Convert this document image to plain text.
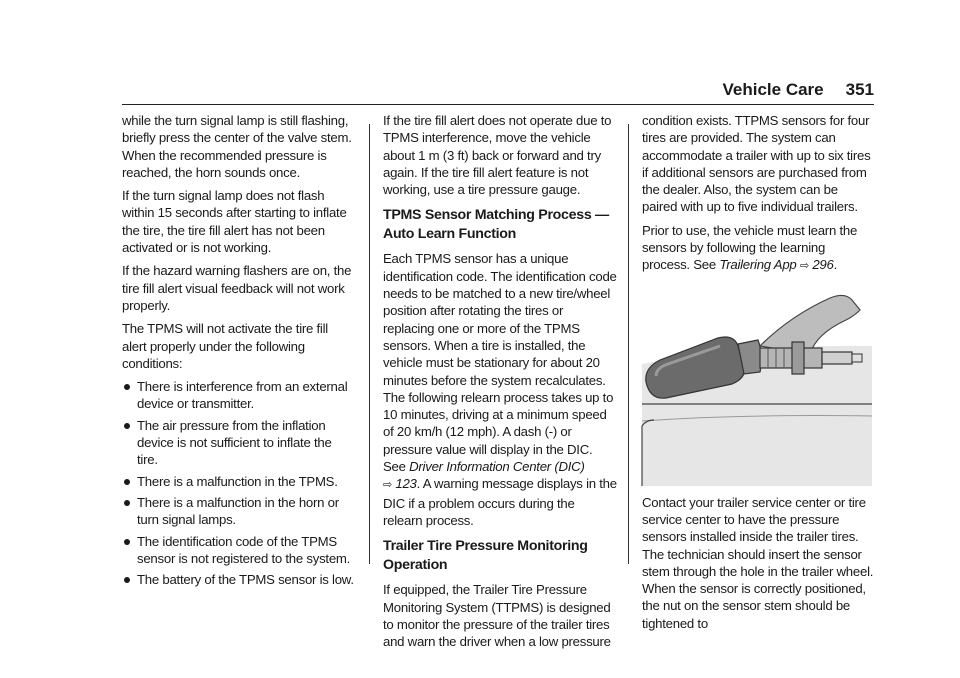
Vehicle Care 351

while the turn signal lamp is still flashing, briefly press the center of the valve stem. When the recommended pressure is reached, the horn sounds once.

If the turn signal lamp does not flash within 15 seconds after starting to inflate the tire, the tire fill alert has not been activated or is not working.

If the hazard warning flashers are on, the tire fill alert visual feedback will not work properly.

The TPMS will not activate the tire fill alert properly under the following conditions:

There is interference from an external device or transmitter.
The air pressure from the inflation device is not sufficient to inflate the tire.
There is a malfunction in the TPMS.
There is a malfunction in the horn or turn signal lamps.
The identification code of the TPMS sensor is not registered to the system.
The battery of the TPMS sensor is low.

If the tire fill alert does not operate due to TPMS interference, move the vehicle about 1 m (3 ft) back or forward and try again. If the tire fill alert feature is not working, use a tire pressure gauge.

TPMS Sensor Matching Process — Auto Learn Function

Each TPMS sensor has a unique identification code. The identification code needs to be matched to a new tire/wheel position after rotating the tires or replacing one or more of the TPMS sensors. When a tire is installed, the vehicle must be stationary for about 20 minutes before the system recalculates. The following relearn process takes up to 10 minutes, driving at a minimum speed of 20 km/h (12 mph). A dash (-) or pressure value will display in the DIC. See Driver Information Center (DIC)
⇨ 123. A warning message displays in the DIC if a problem occurs during the relearn process.

Trailer Tire Pressure Monitoring Operation

If equipped, the Trailer Tire Pressure Monitoring System (TTPMS) is designed to monitor the pressure of the trailer tires and warn the driver when a low pressure

condition exists. TTPMS sensors for four tires are provided. The system can accommodate a trailer with up to six tires if additional sensors are purchased from the dealer. Also, the system can be paired with up to five individual trailers.

Prior to use, the vehicle must learn the sensors by following the learning process. See Trailering App ⇨ 296.

Contact your trailer service center or tire service center to have the pressure sensors installed inside the trailer tires. The technician should insert the sensor stem through the hole in the trailer wheel. When the sensor is correctly positioned, the nut on the sensor stem should be tightened to
